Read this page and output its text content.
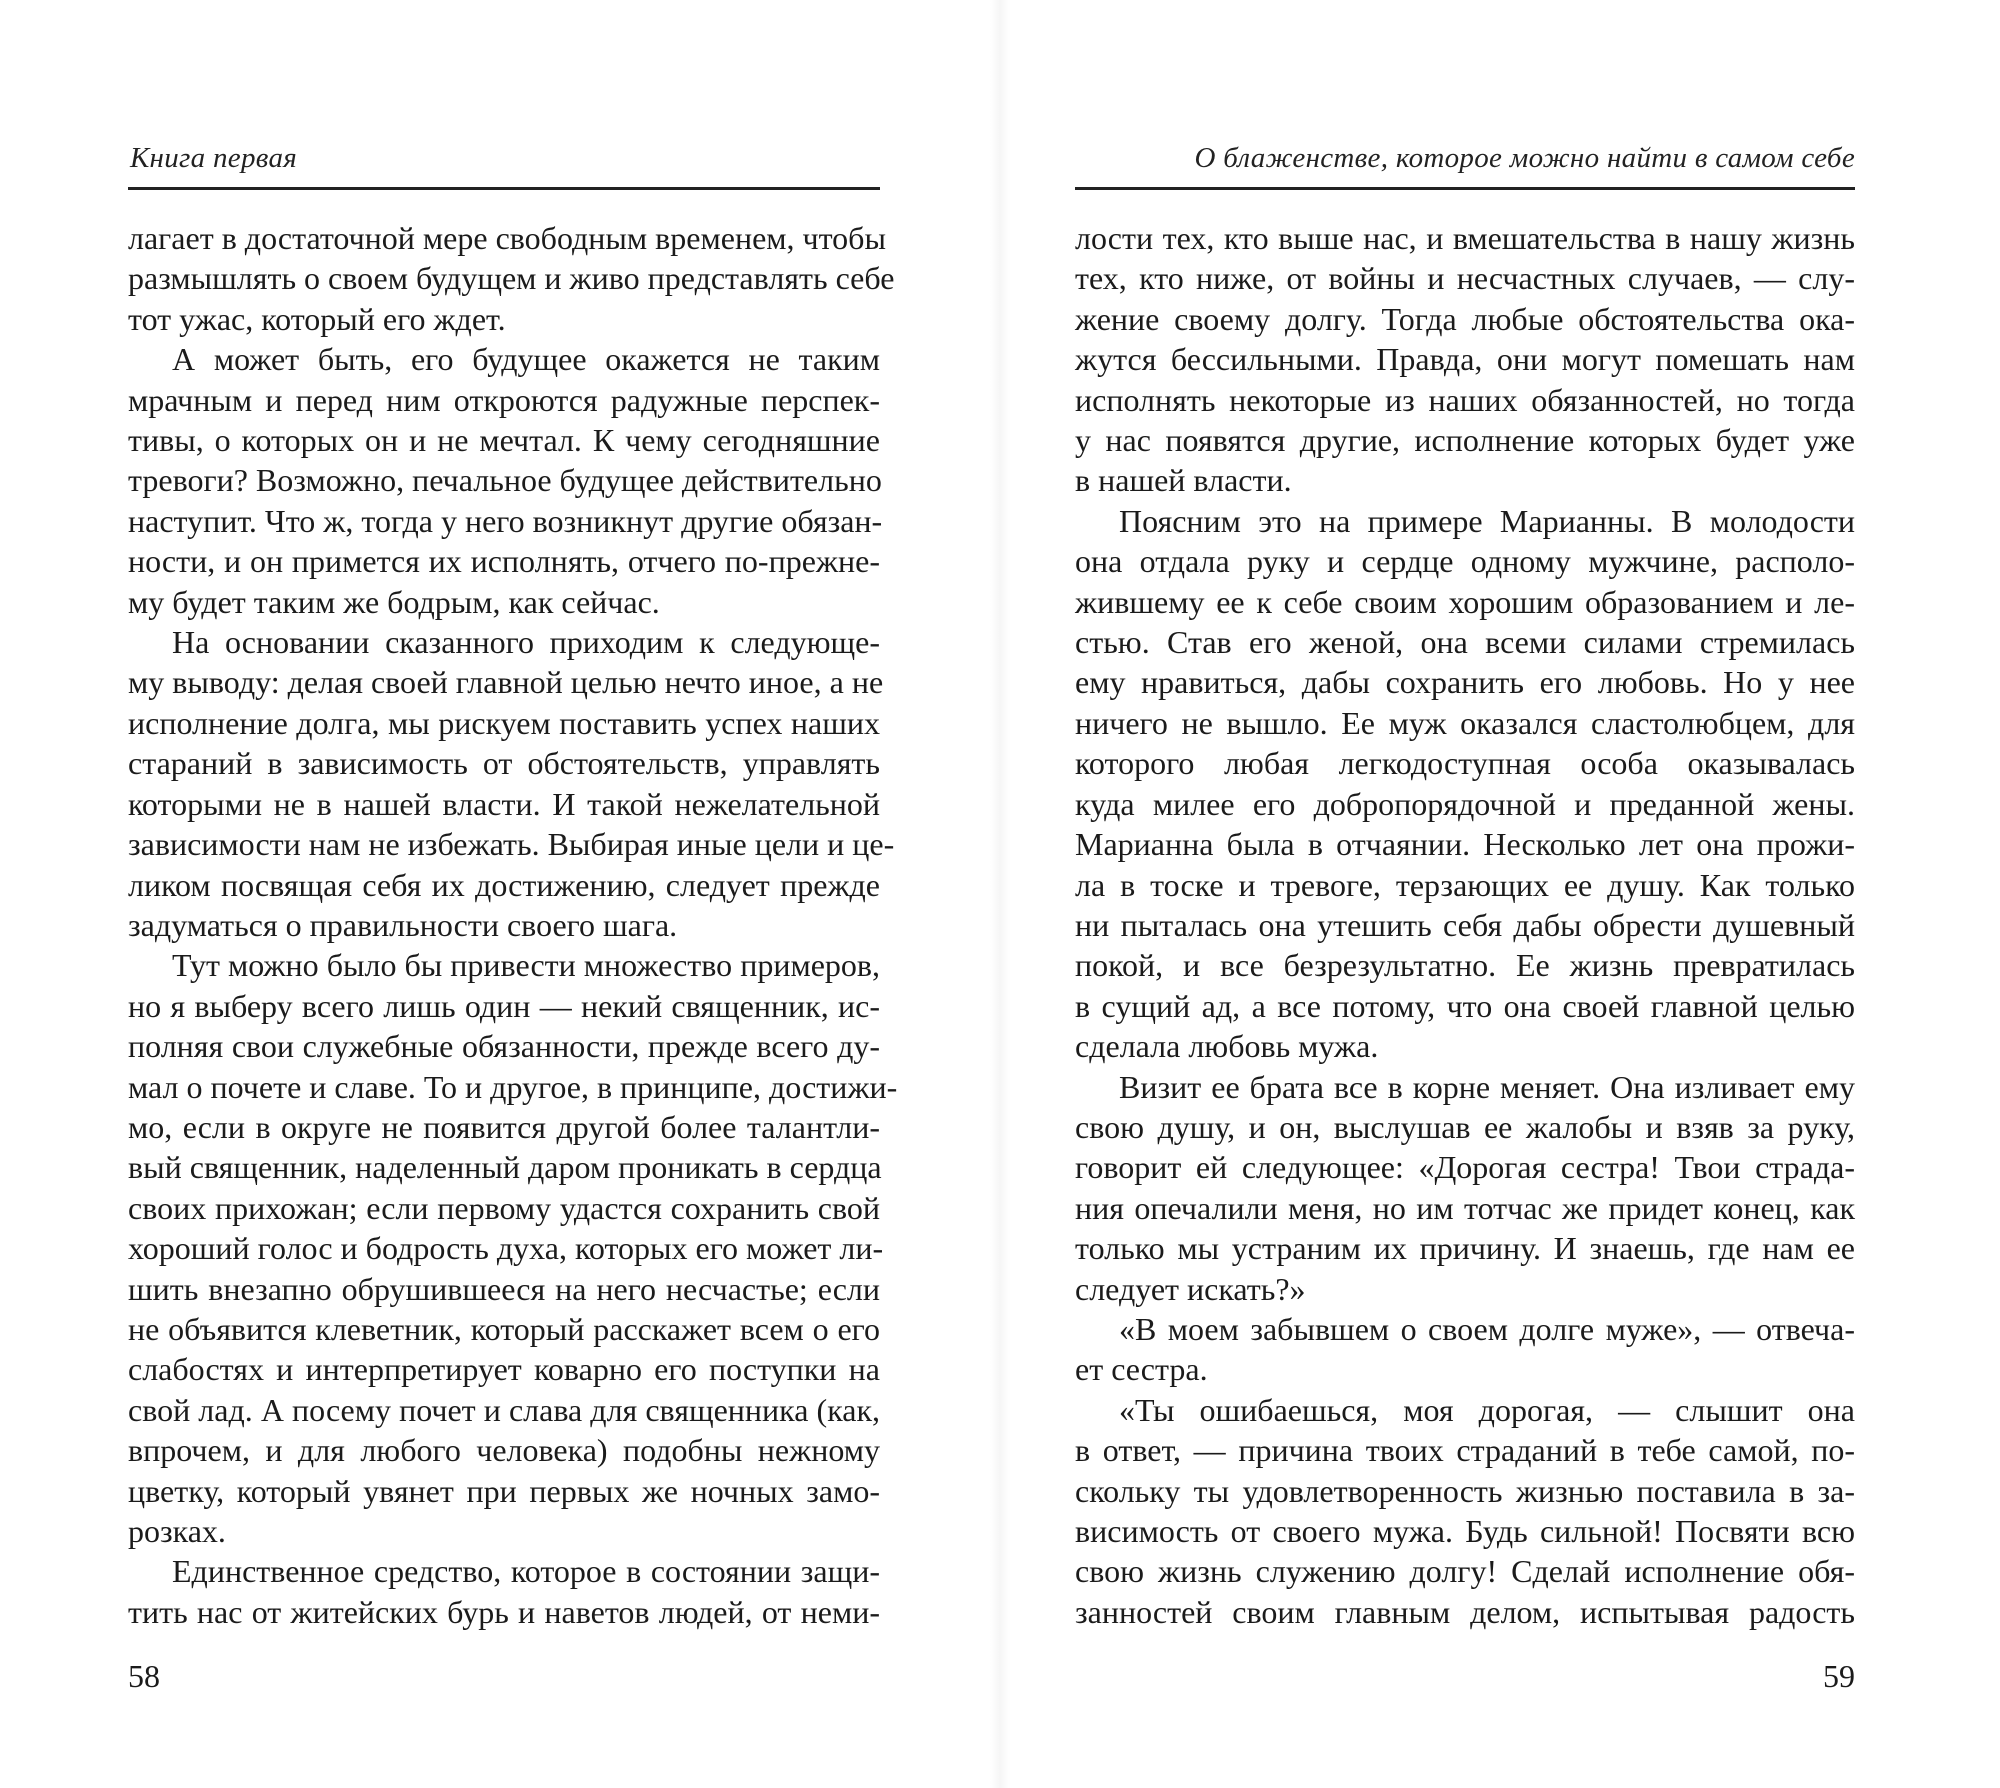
Книга первая
лагает в достаточной мере свободным временем, чтобы
размышлять о своем будущем и живо представлять себе
тот ужас, который его ждет.
А может быть, его будущее окажется не таким
мрачным и перед ним откроются радужные перспек-
тивы, о которых он и не мечтал. К чему сегодняшние
тревоги? Возможно, печальное будущее действительно
наступит. Что ж, тогда у него возникнут другие обязан-
ности, и он примется их исполнять, отчего по-прежне-
му будет таким же бодрым, как сейчас.
На основании сказанного приходим к следующе-
му выводу: делая своей главной целью нечто иное, а не
исполнение долга, мы рискуем поставить успех наших
стараний в зависимость от обстоятельств, управлять
которыми не в нашей власти. И такой нежелательной
зависимости нам не избежать. Выбирая иные цели и це-
ликом посвящая себя их достижению, следует прежде
задуматься о правильности своего шага.
Тут можно было бы привести множество примеров,
но я выберу всего лишь один — некий священник, ис-
полняя свои служебные обязанности, прежде всего ду-
мал о почете и славе. То и другое, в принципе, достижи-
мо, если в округе не появится другой более талантли-
вый священник, наделенный даром проникать в сердца
своих прихожан; если первому удастся сохранить свой
хороший голос и бодрость духа, которых его может ли-
шить внезапно обрушившееся на него несчастье; если
не объявится клеветник, который расскажет всем о его
слабостях и интерпретирует коварно его поступки на
свой лад. А посему почет и слава для священника (как,
впрочем, и для любого человека) подобны нежному
цветку, который увянет при первых же ночных замо-
розках.
Единственное средство, которое в состоянии защи-
тить нас от житейских бурь и наветов людей, от неми-
58
О блаженстве, которое можно найти в самом себе
лости тех, кто выше нас, и вмешательства в нашу жизнь
тех, кто ниже, от войны и несчастных случаев, — слу-
жение своему долгу. Тогда любые обстоятельства ока-
жутся бессильными. Правда, они могут помешать нам
исполнять некоторые из наших обязанностей, но тогда
у нас появятся другие, исполнение которых будет уже
в нашей власти.
Поясним это на примере Марианны. В молодости
она отдала руку и сердце одному мужчине, располо-
жившему ее к себе своим хорошим образованием и ле-
стью. Став его женой, она всеми силами стремилась
ему нравиться, дабы сохранить его любовь. Но у нее
ничего не вышло. Ее муж оказался сластолюбцем, для
которого любая легкодоступная особа оказывалась
куда милее его добропорядочной и преданной жены.
Марианна была в отчаянии. Несколько лет она прожи-
ла в тоске и тревоге, терзающих ее душу. Как только
ни пыталась она утешить себя дабы обрести душевный
покой, и все безрезультатно. Ее жизнь превратилась
в сущий ад, а все потому, что она своей главной целью
сделала любовь мужа.
Визит ее брата все в корне меняет. Она изливает ему
свою душу, и он, выслушав ее жалобы и взяв за руку,
говорит ей следующее: «Дорогая сестра! Твои страда-
ния опечалили меня, но им тотчас же придет конец, как
только мы устраним их причину. И знаешь, где нам ее
следует искать?»
«В моем забывшем о своем долге муже», — отвеча-
ет сестра.
«Ты ошибаешься, моя дорогая, — слышит она
в ответ, — причина твоих страданий в тебе самой, по-
скольку ты удовлетворенность жизнью поставила в за-
висимость от своего мужа. Будь сильной! Посвяти всю
свою жизнь служению долгу! Сделай исполнение обя-
занностей своим главным делом, испытывая радость
59
